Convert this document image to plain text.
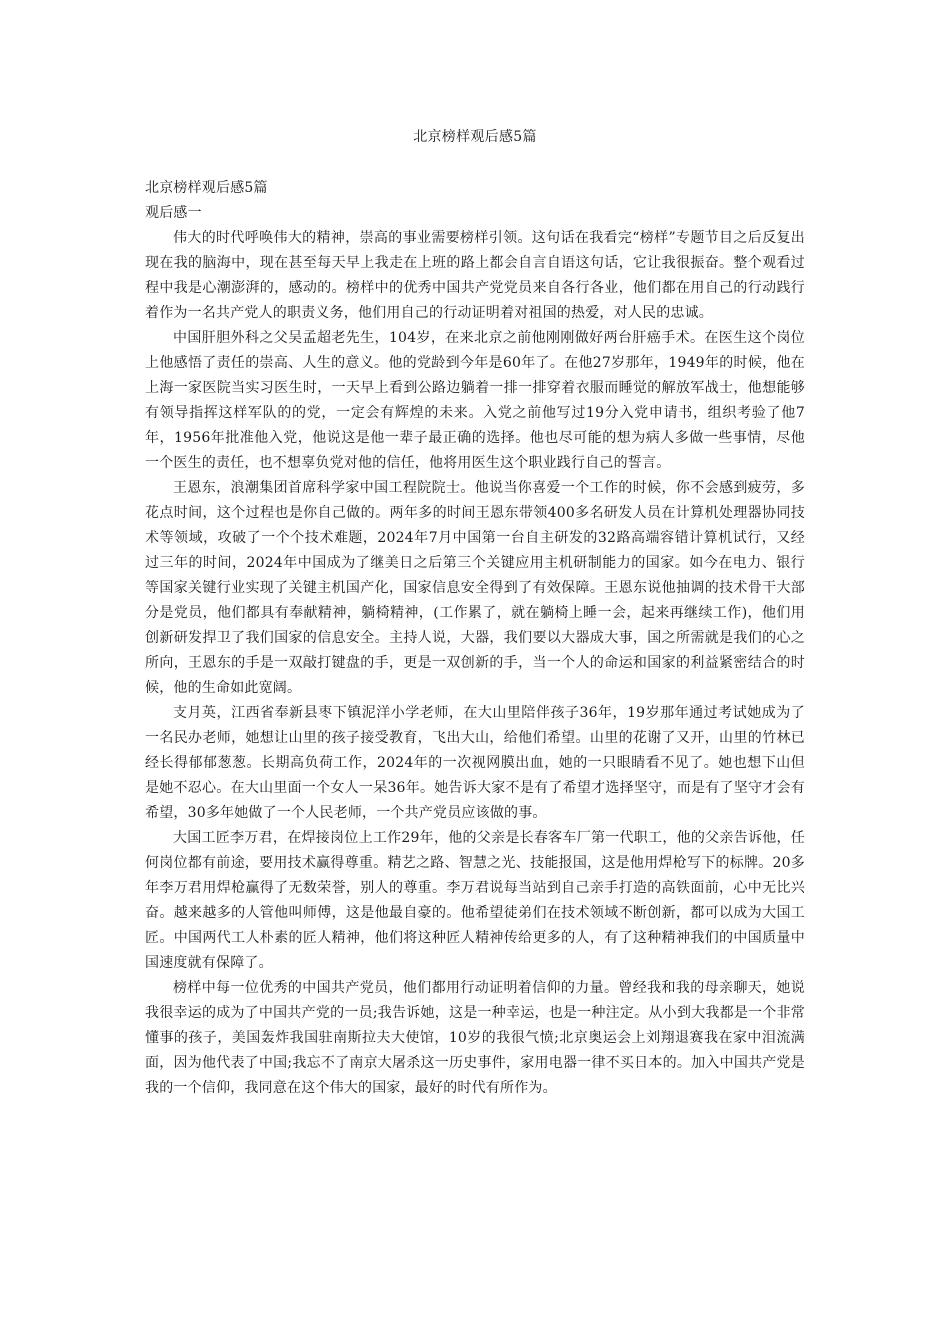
北京榜样观后感5篇

北京榜样观后感5篇

观后感一

伟大的时代呼唤伟大的精神，崇高的事业需要榜样引领。这句话在我看完“榜样”专题节目之后反复出现在我的脑海中，现在甚至每天早上我走在上班的路上都会自言自语这句话，它让我很振奋。整个观看过程中我是心潮澎湃的，感动的。榜样中的优秀中国共产党党员来自各行各业，他们都在用自己的行动践行着作为一名共产党人的职责义务，他们用自己的行动证明着对祖国的热爱，对人民的忠诚。

中国肝胆外科之父吴孟超老先生，104岁，在来北京之前他刚刚做好两台肝癌手术。在医生这个岗位上他感悟了责任的崇高、人生的意义。他的党龄到今年是60年了。在他27岁那年，1949年的时候，他在上海一家医院当实习医生时，一天早上看到公路边躺着一排一排穿着衣服而睡觉的解放军战士，他想能够有领导指挥这样军队的的党，一定会有辉煌的未来。入党之前他写过19分入党申请书，组织考验了他7年，1956年批准他入党，他说这是他一辈子最正确的选择。他也尽可能的想为病人多做一些事情，尽他一个医生的责任，也不想辜负党对他的信任，他将用医生这个职业践行自己的誓言。

王恩东，浪潮集团首席科学家中国工程院院士。他说当你喜爱一个工作的时候，你不会感到疲劳，多花点时间，这个过程也是你自己做的。两年多的时间王恩东带领400多名研发人员在计算机处理器协同技术等领域，攻破了一个个技术难题，2024年7月中国第一台自主研发的32路高端容错计算机试行，又经过三年的时间，2024年中国成为了继美日之后第三个关键应用主机研制能力的国家。如今在电力、银行等国家关键行业实现了关键主机国产化，国家信息安全得到了有效保障。王恩东说他抽调的技术骨干大部分是党员，他们都具有奉献精神，躺椅精神，(工作累了，就在躺椅上睡一会，起来再继续工作)，他们用创新研发捍卫了我们国家的信息安全。主持人说，大器，我们要以大器成大事，国之所需就是我们的心之所向，王恩东的手是一双敲打键盘的手，更是一双创新的手，当一个人的命运和国家的利益紧密结合的时候，他的生命如此宽阔。

支月英，江西省奉新县枣下镇泥洋小学老师，在大山里陪伴孩子36年，19岁那年通过考试她成为了一名民办老师，她想让山里的孩子接受教育，飞出大山，给他们希望。山里的花谢了又开，山里的竹林已经长得郁郁葱葱。长期高负荷工作，2024年的一次视网膜出血，她的一只眼睛看不见了。她也想下山但是她不忍心。在大山里面一个女人一呆36年。她告诉大家不是有了希望才选择坚守，而是有了坚守才会有希望，30多年她做了一个人民老师，一个共产党员应该做的事。

大国工匠李万君，在焊接岗位上工作29年，他的父亲是长春客车厂第一代职工，他的父亲告诉他，任何岗位都有前途，要用技术赢得尊重。精艺之路、智慧之光、技能报国，这是他用焊枪写下的标牌。20多年李万君用焊枪赢得了无数荣誉，别人的尊重。李万君说每当站到自己亲手打造的高铁面前，心中无比兴奋。越来越多的人管他叫师傅，这是他最自豪的。他希望徒弟们在技术领域不断创新，都可以成为大国工匠。中国两代工人朴素的匠人精神，他们将这种匠人精神传给更多的人，有了这种精神我们的中国质量中国速度就有保障了。

榜样中每一位优秀的中国共产党员，他们都用行动证明着信仰的力量。曾经我和我的母亲聊天，她说我很幸运的成为了中国共产党的一员;我告诉她，这是一种幸运，也是一种注定。从小到大我都是一个非常懂事的孩子，美国轰炸我国驻南斯拉夫大使馆，10岁的我很气愤;北京奥运会上刘翔退赛我在家中泪流满面，因为他代表了中国;我忘不了南京大屠杀这一历史事件，家用电器一律不买日本的。加入中国共产党是我的一个信仰，我同意在这个伟大的国家，最好的时代有所作为。
